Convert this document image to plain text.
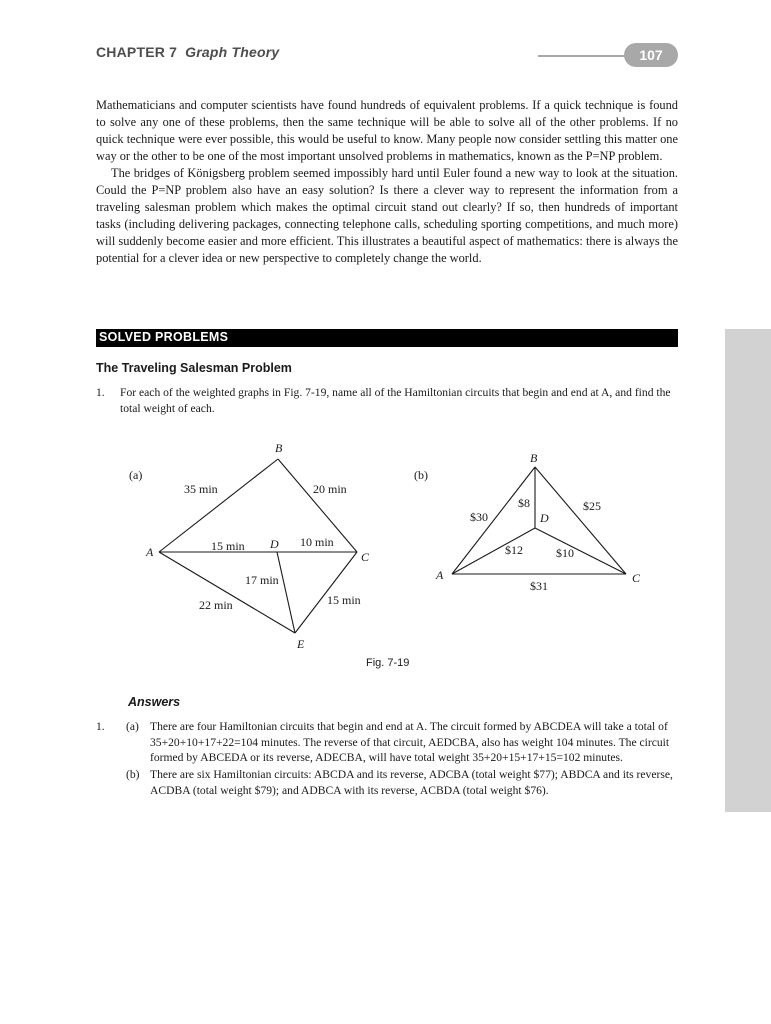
CHAPTER 7 Graph Theory	107

Mathematicians and computer scientists have found hundreds of equivalent problems. If a quick technique is found to solve any one of these problems, then the same technique will be able to solve all of the other problems. If no quick technique were ever possible, this would be useful to know. Many people now consider settling this matter one way or the other to be one of the most important unsolved problems in mathematics, known as the P=NP problem.

The bridges of Königsberg problem seemed impossibly hard until Euler found a new way to look at the situation. Could the P=NP problem also have an easy solution? Is there a clever way to represent the information from a traveling salesman problem which makes the optimal circuit stand out clearly? If so, then hundreds of important tasks (including delivering packages, connecting telephone calls, scheduling sporting competitions, and much more) will suddenly become easier and more efficient. This illustrates a beautiful aspect of mathematics: there is always the potential for a clever idea or new perspective to completely change the world.

SOLVED PROBLEMS
The Traveling Salesman Problem
1. For each of the weighted graphs in Fig. 7-19, name all of the Hamiltonian circuits that begin and end at A, and find the total weight of each.
(a)
A
B
C
D
E
35 min	20 min
15 min	10 min
17 min
22 min	15 min
(b)
A
B
C
D
$30
$8	$25
$12	$10
$31
Fig. 7-19
Answers
1. (a) There are four Hamiltonian circuits that begin and end at A. The circuit formed by ABCDEA will take a total of 35+20+10+17+22=104 minutes. The reverse of that circuit, AEDCBA, also has weight 104 minutes. The circuit formed by ABCEDA or its reverse, ADECBA, will have total weight 35+20+15+17+15=102 minutes.
(b) There are six Hamiltonian circuits: ABCDA and its reverse, ADCBA (total weight $77); ABDCA and its reverse, ACDBA (total weight $79); and ADBCA with its reverse, ACBDA (total weight $76).
